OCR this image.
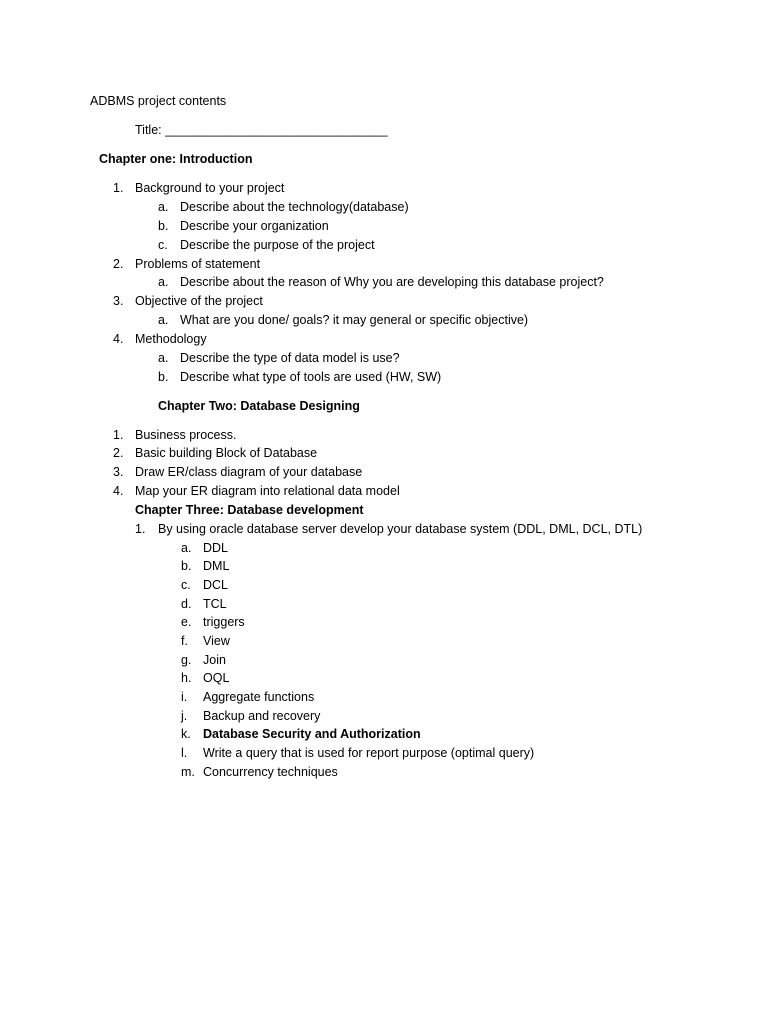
ADBMS project contents
Title: ________________________________
Chapter one: Introduction
1. Background to your project
a. Describe about the technology(database)
b. Describe your organization
c. Describe the purpose of the project
2. Problems of statement
a. Describe about the reason of Why you are developing this database project?
3. Objective of the project
a. What are you done/ goals? it may general or specific objective)
4. Methodology
a. Describe the type of data model is use?
b. Describe what type of tools are used (HW, SW)
Chapter Two: Database Designing
1. Business process.
2. Basic building Block of Database
3. Draw ER/class diagram of your database
4. Map your ER diagram into relational data model
Chapter Three: Database development
1. By using oracle database server develop your database system (DDL, DML, DCL, DTL)
a. DDL
b. DML
c. DCL
d. TCL
e. triggers
f. View
g. Join
h. OQL
i. Aggregate functions
j. Backup and recovery
k. Database Security and Authorization
l. Write a query that is used for report purpose (optimal query)
m. Concurrency techniques
